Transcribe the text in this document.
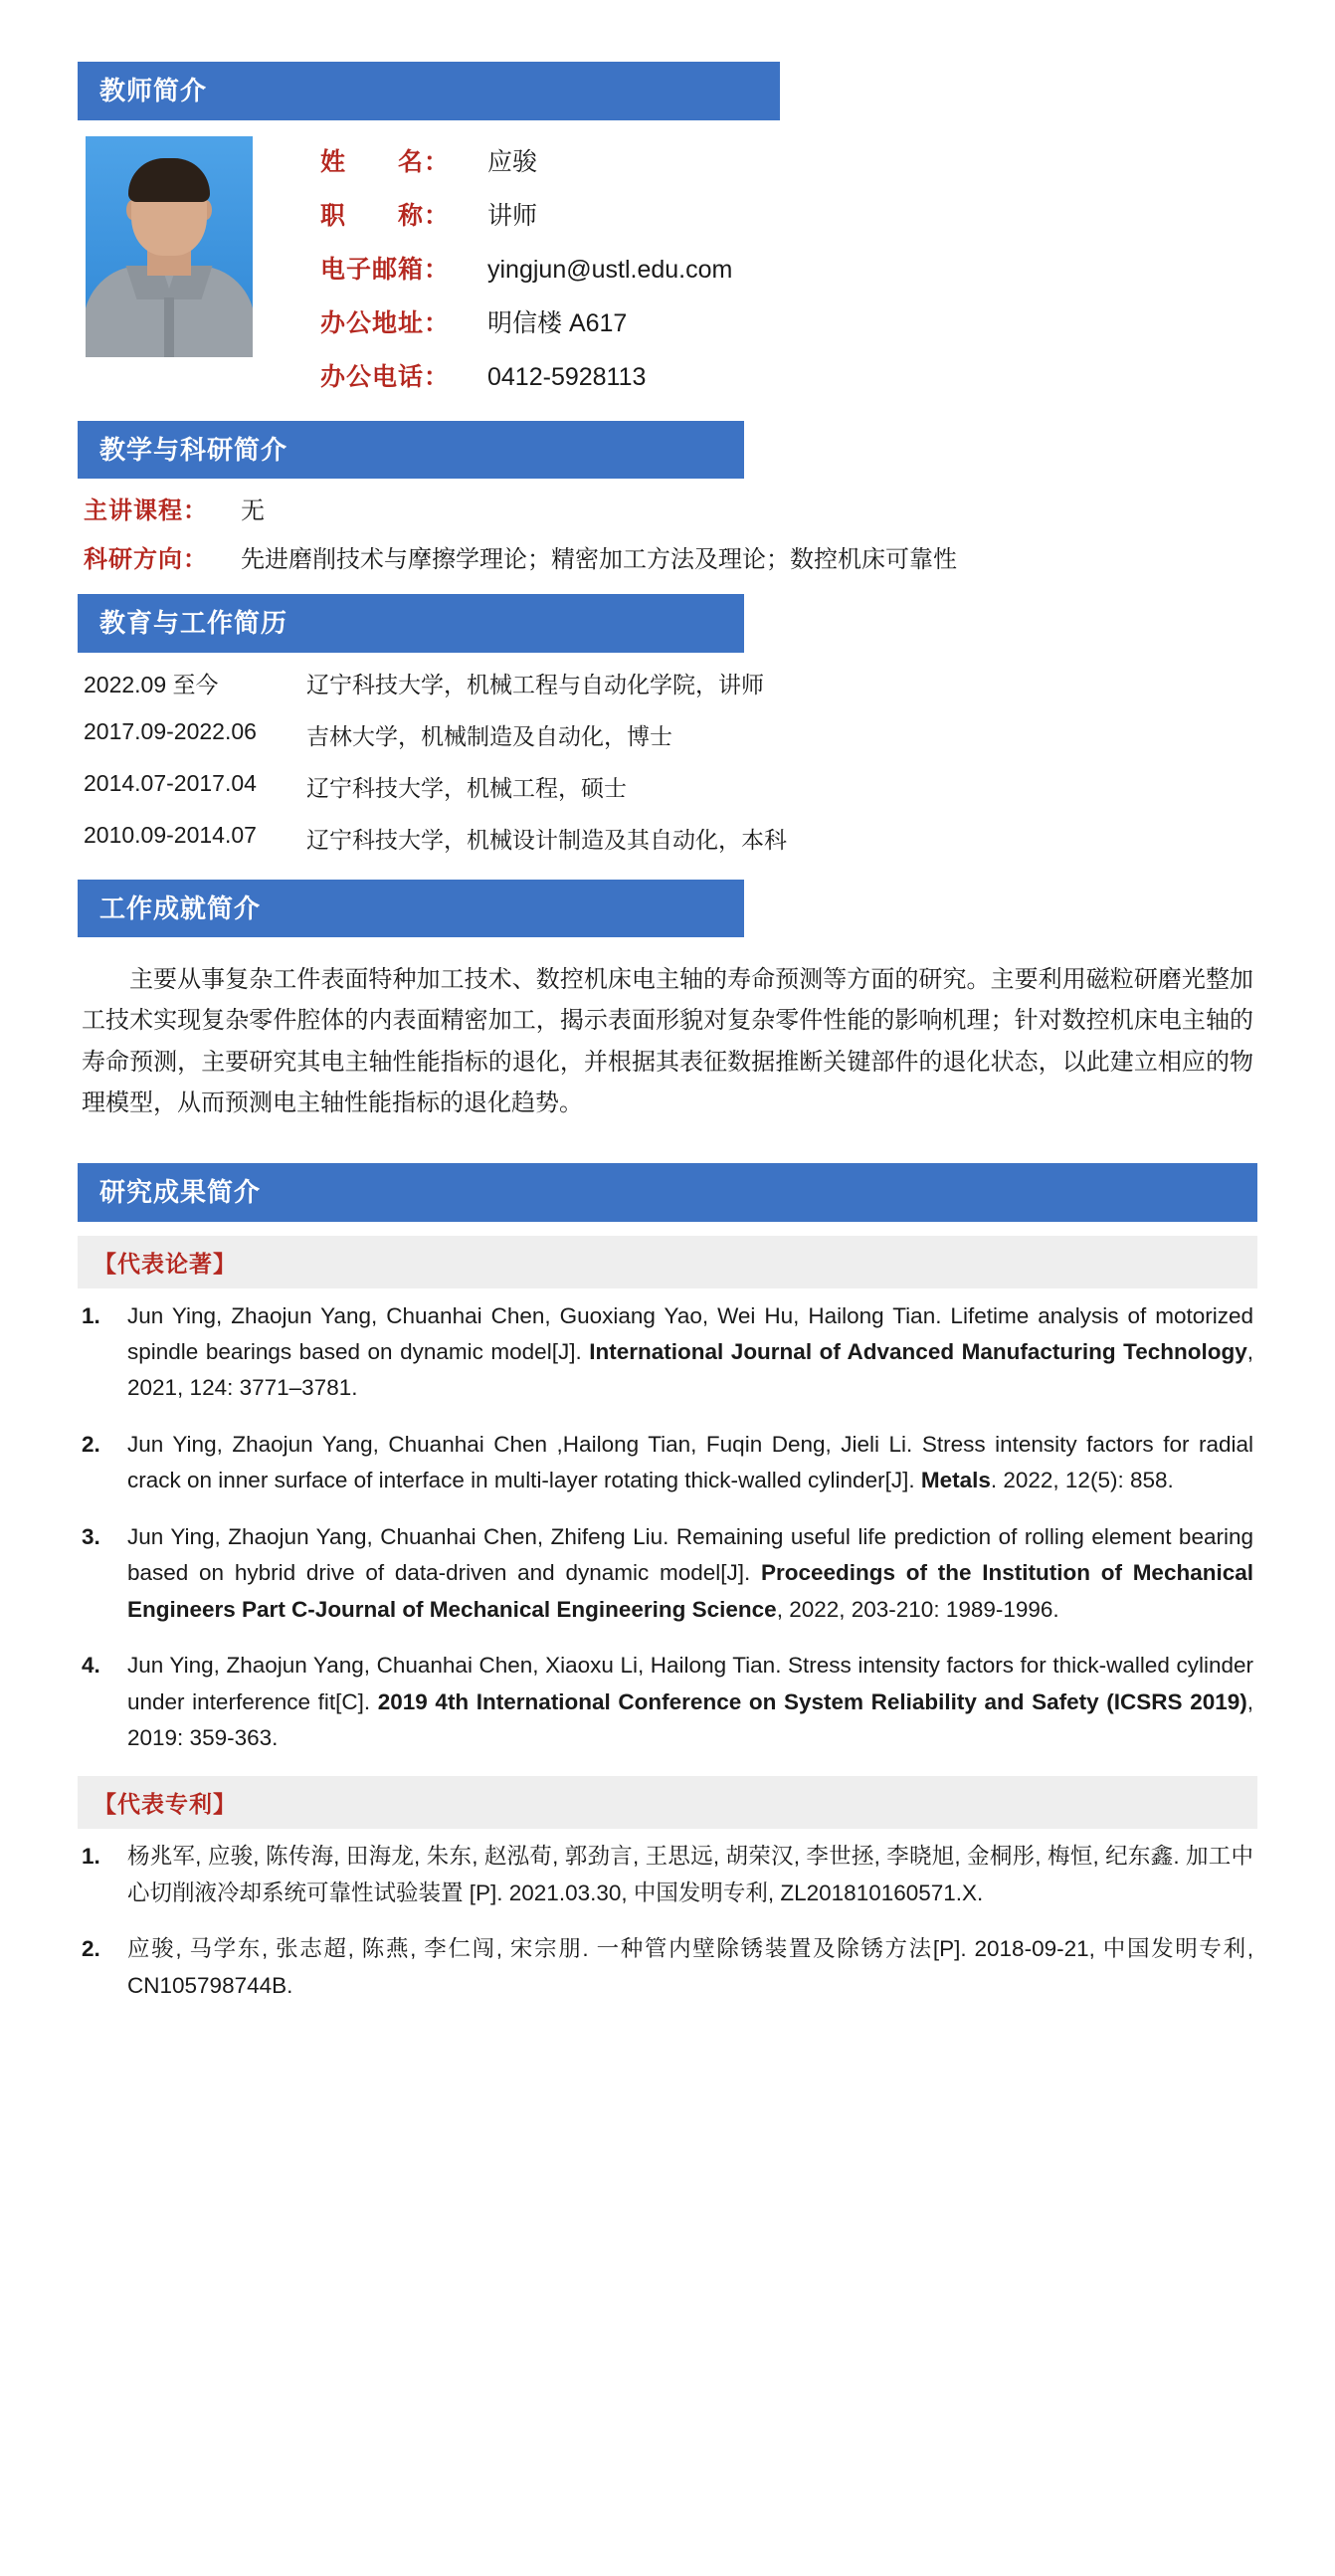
教师简介
姓　　名：	应骏
职　　称：	讲师
电子邮箱：	yingjun@ustl.edu.com
办公地址：	明信楼 A617
办公电话：	0412-5928113
教学与科研简介
主讲课程：	无
科研方向：	先进磨削技术与摩擦学理论；精密加工方法及理论；数控机床可靠性
教育与工作简历
2022.09 至今	辽宁科技大学，机械工程与自动化学院，讲师
2017.09-2022.06	吉林大学，机械制造及自动化，博士
2014.07-2017.04	辽宁科技大学，机械工程，硕士
2010.09-2014.07	辽宁科技大学，机械设计制造及其自动化，本科
工作成就简介
主要从事复杂工件表面特种加工技术、数控机床电主轴的寿命预测等方面的研究。主要利用磁粒研磨光整加工技术实现复杂零件腔体的内表面精密加工，揭示表面形貌对复杂零件性能的影响机理；针对数控机床电主轴的寿命预测，主要研究其电主轴性能指标的退化，并根据其表征数据推断关键部件的退化状态，以此建立相应的物理模型，从而预测电主轴性能指标的退化趋势。
研究成果简介
【代表论著】
1.	Jun Ying, Zhaojun Yang, Chuanhai Chen, Guoxiang Yao, Wei Hu, Hailong Tian. Lifetime analysis of motorized spindle bearings based on dynamic model[J]. International Journal of Advanced Manufacturing Technology, 2021, 124: 3771–3781.
2.	Jun Ying, Zhaojun Yang, Chuanhai Chen ,Hailong Tian, Fuqin Deng, Jieli Li. Stress intensity factors for radial crack on inner surface of interface in multi-layer rotating thick-walled cylinder[J]. Metals. 2022, 12(5): 858.
3.	Jun Ying, Zhaojun Yang, Chuanhai Chen, Zhifeng Liu. Remaining useful life prediction of rolling element bearing based on hybrid drive of data-driven and dynamic model[J]. Proceedings of the Institution of Mechanical Engineers Part C-Journal of Mechanical Engineering Science, 2022, 203-210: 1989-1996.
4.	Jun Ying, Zhaojun Yang, Chuanhai Chen, Xiaoxu Li, Hailong Tian. Stress intensity factors for thick-walled cylinder under interference fit[C]. 2019 4th International Conference on System Reliability and Safety (ICSRS 2019), 2019: 359-363.
【代表专利】
1.	杨兆军, 应骏, 陈传海, 田海龙, 朱东, 赵泓荀, 郭劲言, 王思远, 胡荣汉, 李世拯, 李晓旭, 金桐彤, 梅恒, 纪东鑫. 加工中心切削液冷却系统可靠性试验装置 [P]. 2021.03.30, 中国发明专利, ZL201810160571.X.
2.	应骏, 马学东, 张志超, 陈燕, 李仁闯, 宋宗朋. 一种管内壁除锈装置及除锈方法[P]. 2018-09-21, 中国发明专利, CN105798744B.
